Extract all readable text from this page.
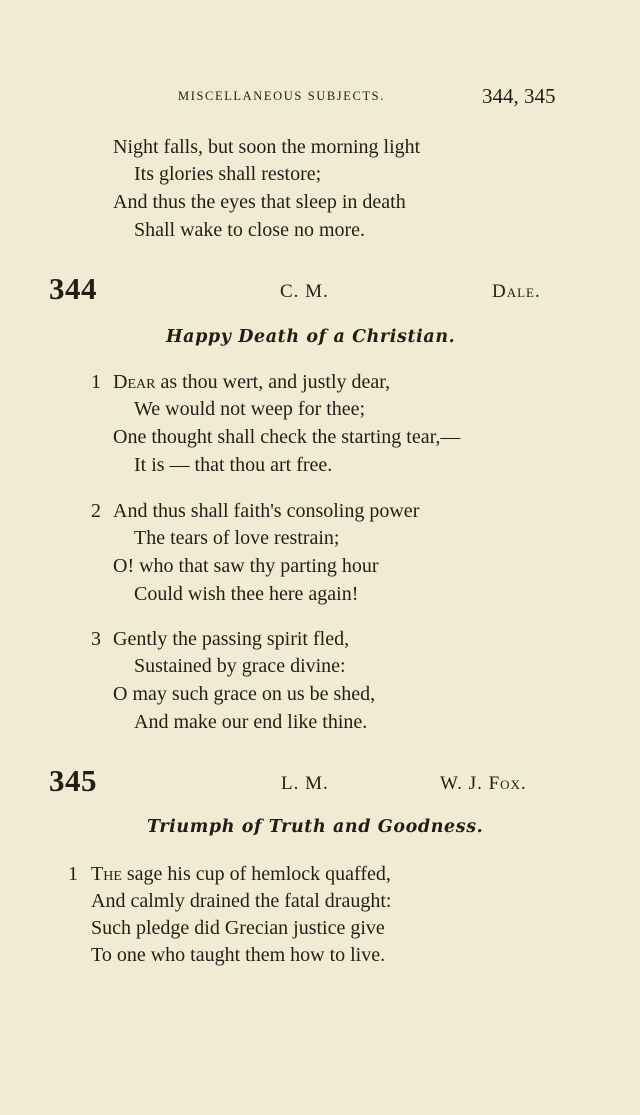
MISCELLANEOUS SUBJECTS.	344, 345
Night falls, but soon the morning light
Its glories shall restore;
And thus the eyes that sleep in death
Shall wake to close no more.
344	C. M.	Dale.
Happy Death of a Christian.
1 Dear as thou wert, and justly dear,
We would not weep for thee;
One thought shall check the starting tear,—
It is — that thou art free.
2 And thus shall faith's consoling power
The tears of love restrain;
O! who that saw thy parting hour
Could wish thee here again!
3 Gently the passing spirit fled,
Sustained by grace divine:
O may such grace on us be shed,
And make our end like thine.
345	L. M.	W. J. Fox.
Triumph of Truth and Goodness.
1 The sage his cup of hemlock quaffed,
And calmly drained the fatal draught:
Such pledge did Grecian justice give
To one who taught them how to live.
